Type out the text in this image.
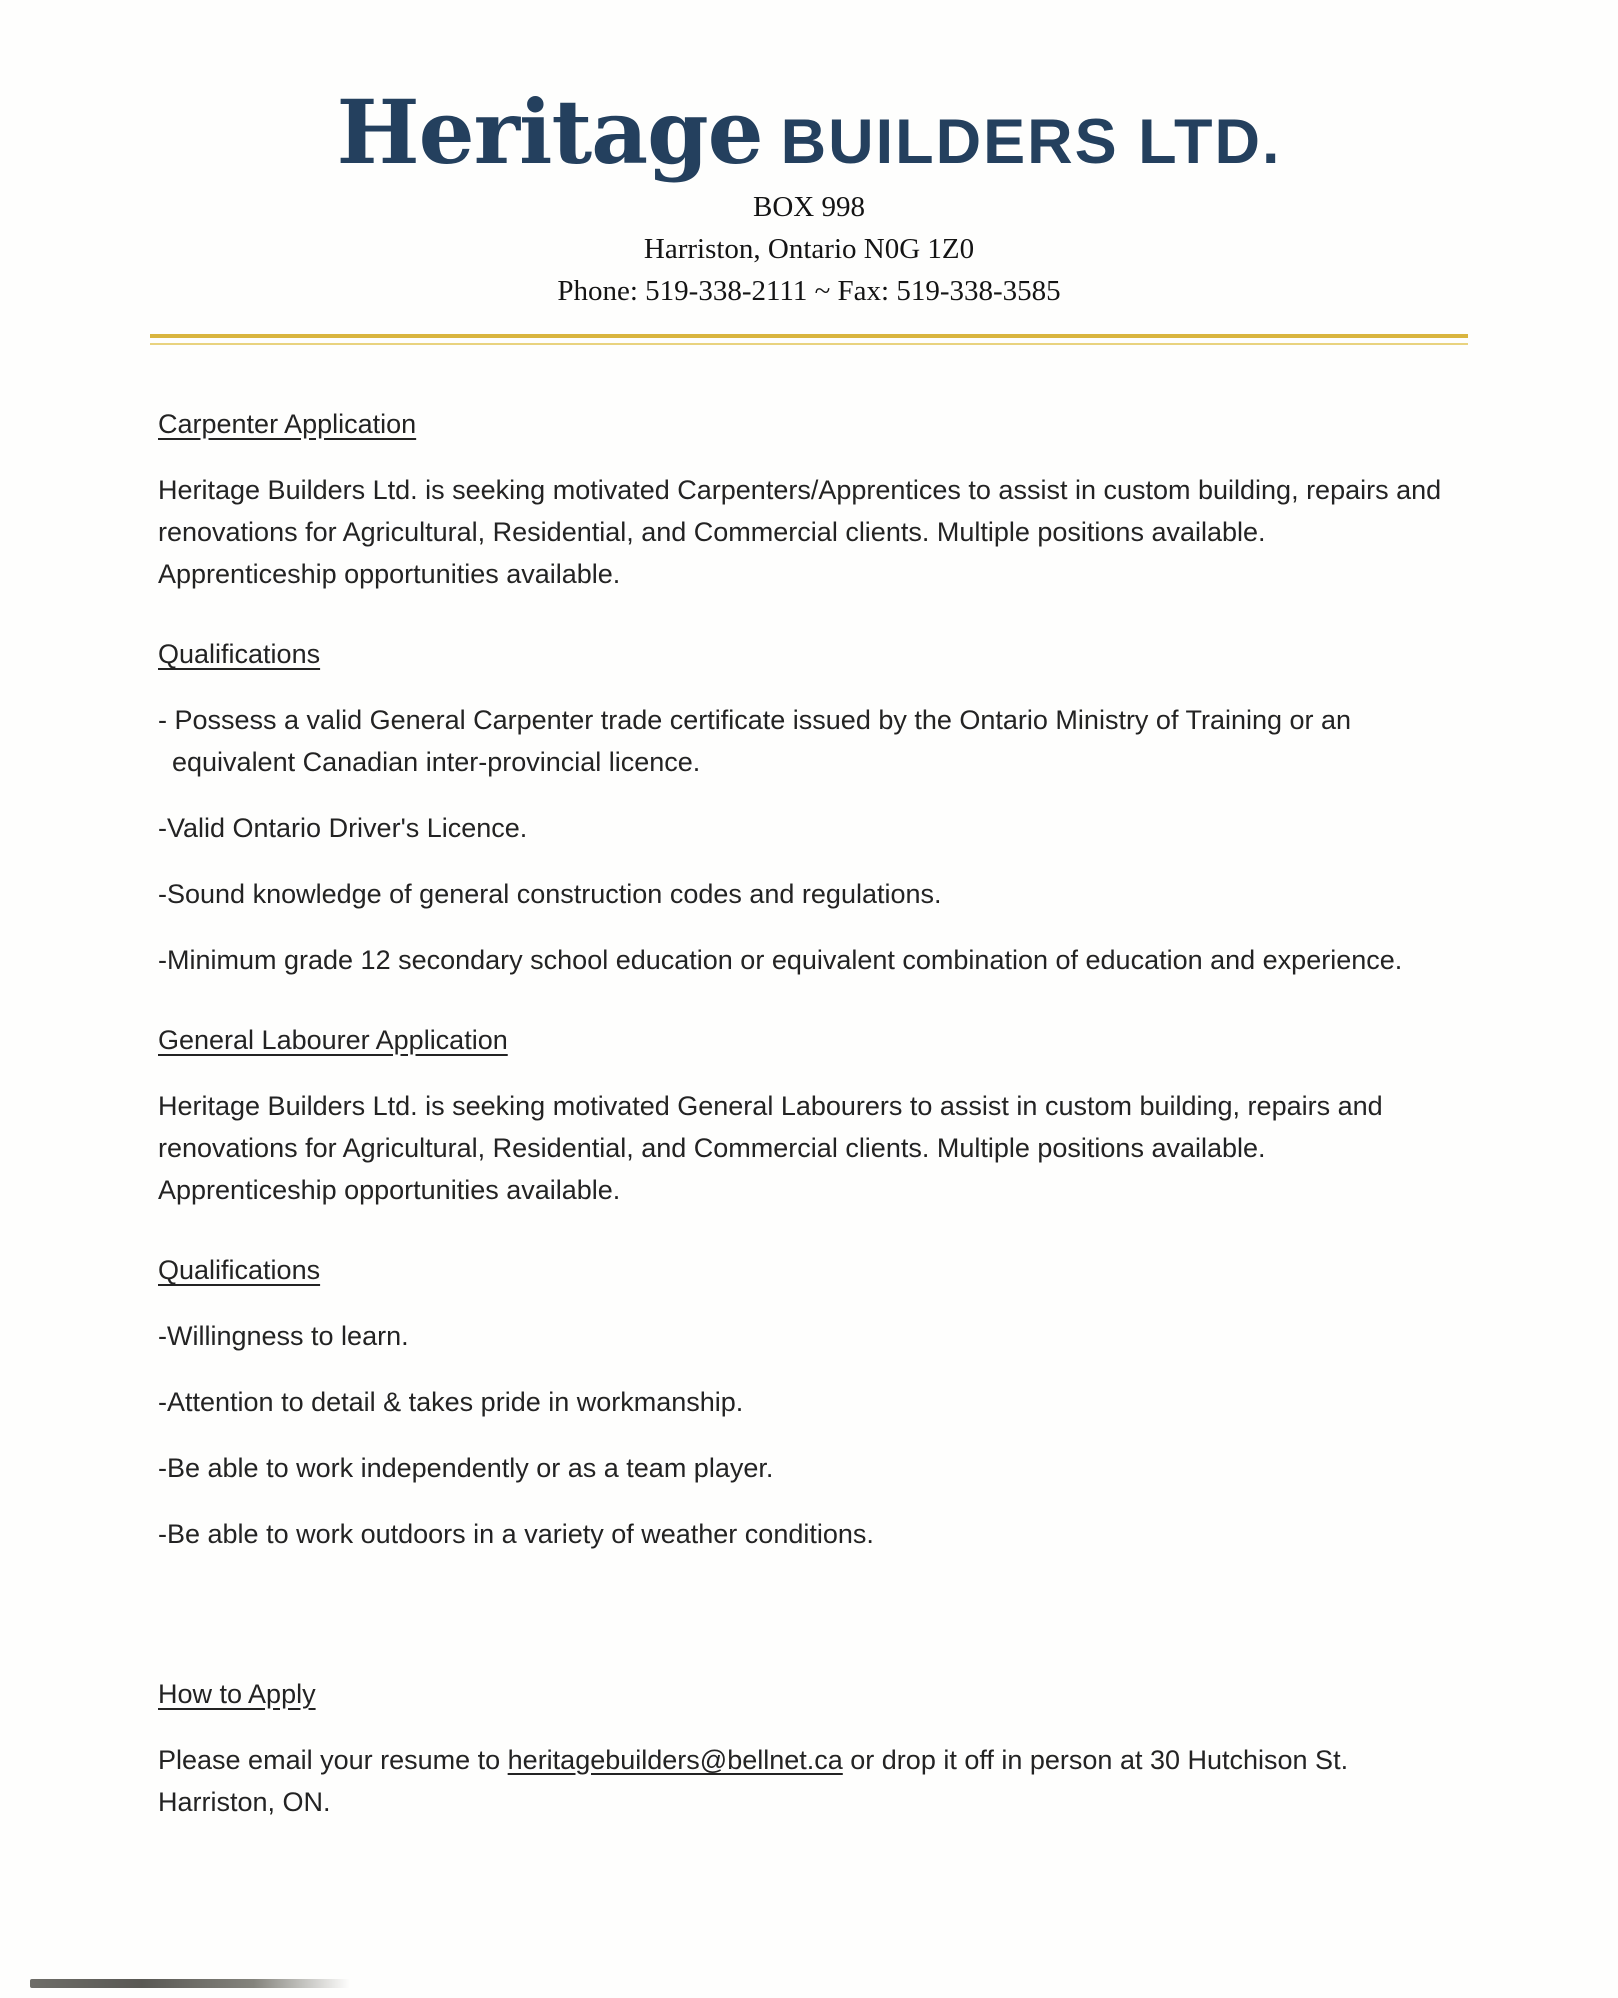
Heritage BUILDERS LTD.
BOX 998
Harriston, Ontario N0G 1Z0
Phone: 519-338-2111 ~ Fax: 519-338-3585
Carpenter Application

Heritage Builders Ltd. is seeking motivated Carpenters/Apprentices to assist in custom building, repairs and renovations for Agricultural, Residential, and Commercial clients. Multiple positions available. Apprenticeship opportunities available.

Qualifications

- Possess a valid General Carpenter trade certificate issued by the Ontario Ministry of Training or an equivalent Canadian inter-provincial licence.

-Valid Ontario Driver's Licence.

-Sound knowledge of general construction codes and regulations.

-Minimum grade 12 secondary school education or equivalent combination of education and experience.

General Labourer Application

Heritage Builders Ltd. is seeking motivated General Labourers to assist in custom building, repairs and renovations for Agricultural, Residential, and Commercial clients. Multiple positions available. Apprenticeship opportunities available.

Qualifications

-Willingness to learn.

-Attention to detail & takes pride in workmanship.

-Be able to work independently or as a team player.

-Be able to work outdoors in a variety of weather conditions.

How to Apply

Please email your resume to heritagebuilders@bellnet.ca or drop it off in person at 30 Hutchison St. Harriston, ON.
